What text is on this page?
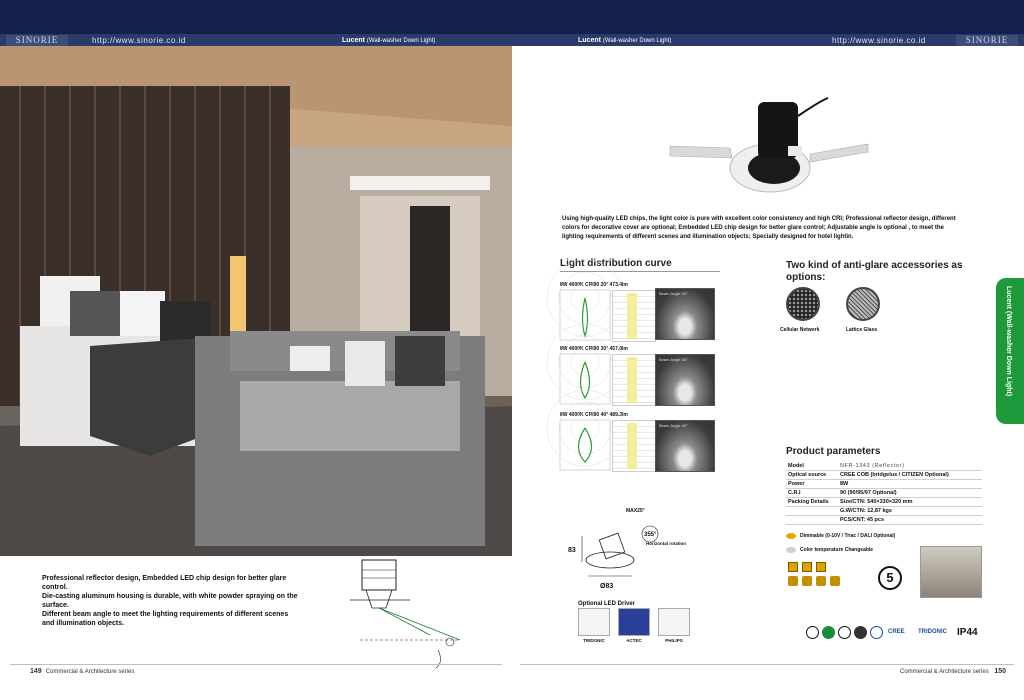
SINORIE	http://www.sinorie.co.id	Lucent (Wall-washer Down Light)	Lucent (Wall-washer Down Light)	http://www.sinorie.co.id	SINORIE
Professional reflector design, Embedded LED chip design for better glare control.
Die-casting aluminum housing is durable, with white powder spraying on the surface.
Different beam angle to meet the lighting requirements of different scenes and illumination objects.
149 Commercial & Architecture series
Using high-quality LED chips, the light color is pure with excellent color consistency and high CRI; Professional reflector design, different colors for decorative cover are optional; Embedded LED chip design for better glare control; Adjustable angle is optional , to meet the lighting requirements of different scenes and illumination objects; Specially designed for hotel lightin.
Light distribution curve
8W 4000K CRI90 20° 473.4lm
Beam Angle 20°
8W 4000K CRI90 30° 457.8lm
Beam Angle 30°
8W 4000K CRI90 40° 489.2lm
Beam Angle 40°
Two kind of anti-glare accessories as options:
Cellular Network	Lattice Glass
Product parameters
Model	NFR-1343 (Reflector)
Optical source	CREE COB (bridgelux / CITIZEN Optional)
Power	8W
C.R.I	90 (90/95/97 Optional)
Packing Details	Size/CTN: 540×330×320 mm
	G.W/CTN: 12.87 kgs
	PCS/CNT: 45 pcs
Dimmable (0-10V / Triac / DALI Optional)
Color temperature Changeable
5
83
Ø83
MAX25°
355°
Horizontal rotation
Optional LED Driver
TRIDONIC	ACTEC	PHILIPS
CREE TRIDONIC IP44
Commercial & Architecture series 150
Lucent (Wall-washer Down Light)
